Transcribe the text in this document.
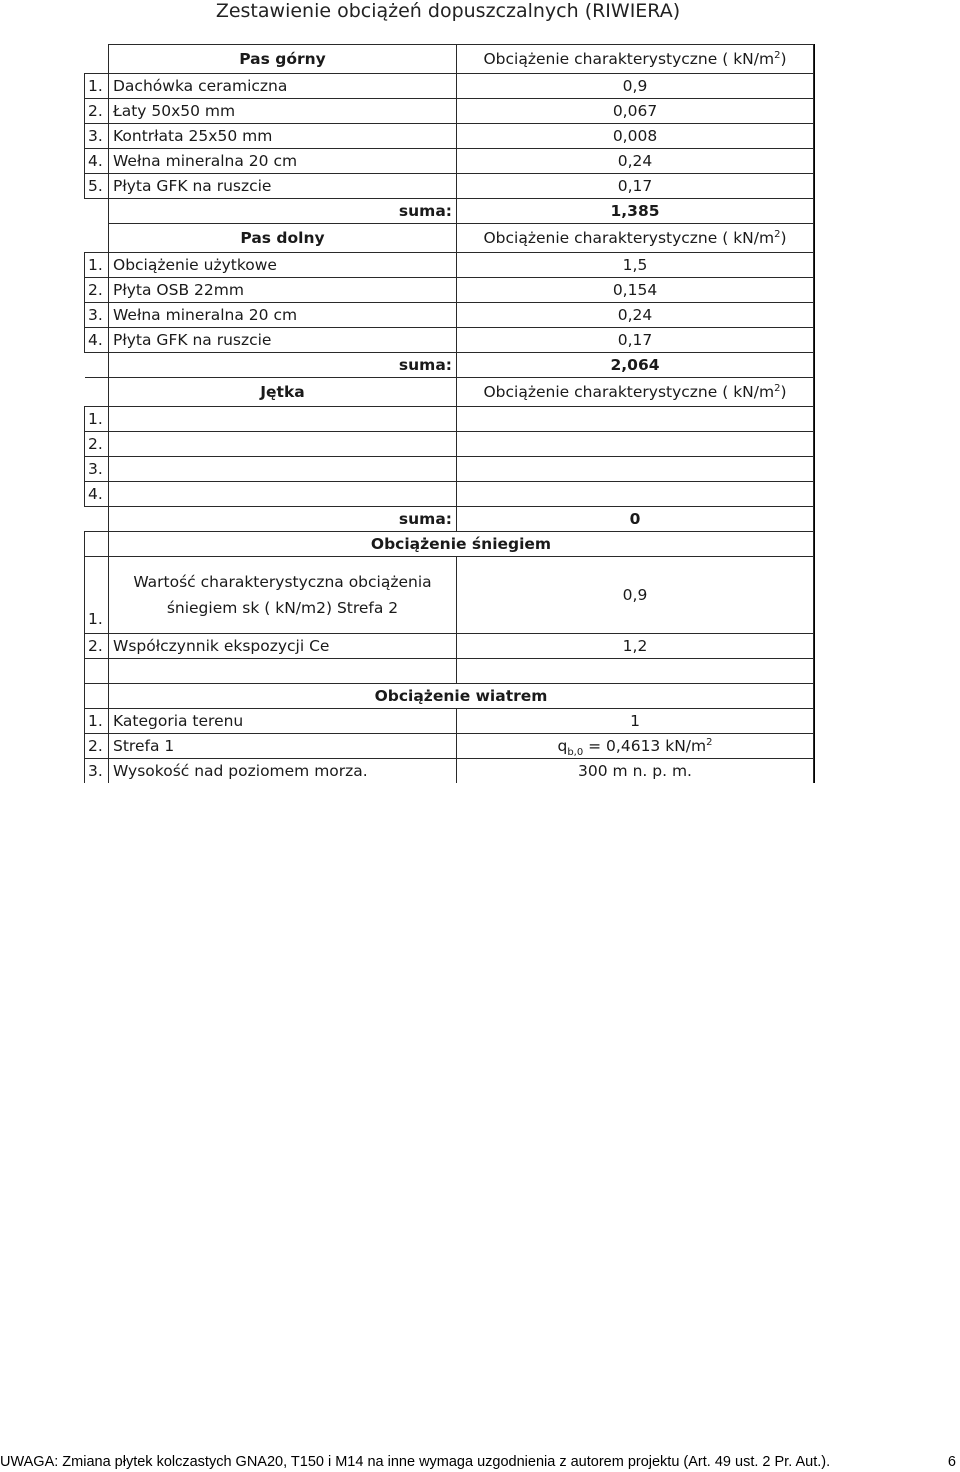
Zestawienie obciążeń dopuszczalnych (RIWIERA)
	Pas górny	Obciążenie charakterystyczne ( $kN/m^2$)
1.	Dachówka ceramiczna	0,9
2.	Łaty 50x50 mm	0,067
3.	Kontrłata 25x50 mm	0,008
4.	Wełna mineralna 20 cm	0,24
5.	Płyta GFK na ruszcie	0,17
	suma:	1,385
	Pas dolny	Obciążenie charakterystyczne ( $kN/m^2$)
1.	Obciążenie użytkowe	1,5
2.	Płyta OSB 22mm	0,154
3.	Wełna mineralna 20 cm	0,24
4.	Płyta GFK na ruszcie	0,17
	suma:	2,064
	Jętka	Obciążenie charakterystyczne ( $kN/m^2$)
1.		
2.		
3.		
4.		
	suma:	0
	Obciążenie śniegiem	
1.	Wartość charakterystyczna obciążenia
śniegiem sk ( kN/m2) Strefa 2	0,9
2.	Współczynnik ekspozycji Ce	1,2

	Obciążenie wiatrem	
1.	Kategoria terenu	1
2.	Strefa 1	$q_{b,0} = 0,4613$ $kN/m^2$
3.	Wysokość nad poziomem morza.	300 m n. p. m.
UWAGA: Zmiana płytek kolczastych GNA20, T150 i M14 na inne wymaga uzgodnienia z autorem projektu (Art. 49 ust. 2 Pr. Aut.).	6
